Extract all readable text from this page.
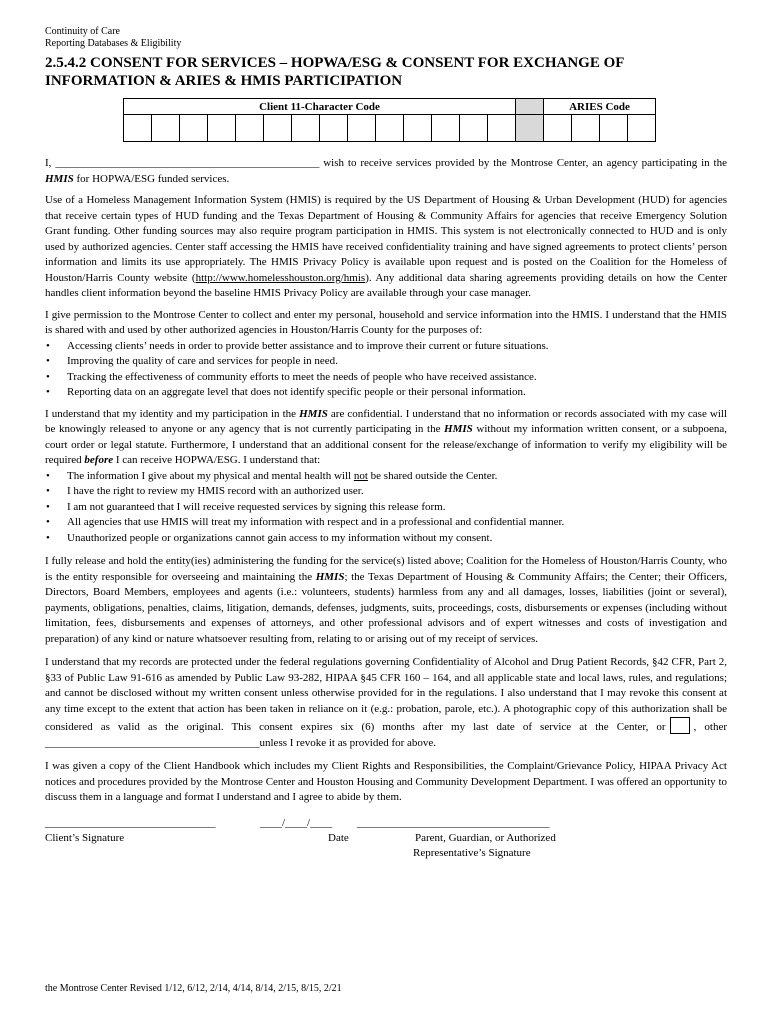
Continuity of Care
Reporting Databases & Eligibility
2.5.4.2 CONSENT FOR SERVICES – HOPWA/ESG & CONSENT FOR EXCHANGE OF INFORMATION & ARIES & HMIS PARTICIPATION
Client 11-Character Code															ARIES Code			

I, ________________________________________________ wish to receive services provided by the Montrose Center, an agency participating in the HMIS for HOPWA/ESG funded services.
Use of a Homeless Management Information System (HMIS) is required by the US Department of Housing & Urban Development (HUD) for agencies that receive certain types of HUD funding and the Texas Department of Housing & Community Affairs for agencies that receive Emergency Solution Grant funding. Other funding sources may also require program participation in HMIS. This system is not electronically connected to HUD and is only used by authorized agencies. Center staff accessing the HMIS have received confidentiality training and have signed agreements to protect clients’ person information and limits its use appropriately. The HMIS Privacy Policy is available upon request and is posted on the Coalition for the Homeless of Houston/Harris County website (http://www.homelesshouston.org/hmis). Any additional data sharing agreements providing details on how the Center handles client information beyond the baseline HMIS Privacy Policy are available through your case manager.
I give permission to the Montrose Center to collect and enter my personal, household and service information into the HMIS. I understand that the HMIS is shared with and used by other authorized agencies in Houston/Harris County for the purposes of:
• Accessing clients’ needs in order to provide better assistance and to improve their current or future situations.
• Improving the quality of care and services for people in need.
• Tracking the effectiveness of community efforts to meet the needs of people who have received assistance.
• Reporting data on an aggregate level that does not identify specific people or their personal information.
I understand that my identity and my participation in the HMIS are confidential. I understand that no information or records associated with my case will be knowingly released to anyone or any agency that is not currently participating in the HMIS without my information written consent, or a subpoena, court order or legal statute. Furthermore, I understand that an additional consent for the release/exchange of information to verify my eligibility will be required before I can receive HOPWA/ESG. I understand that:
• The information I give about my physical and mental health will not be shared outside the Center.
• I have the right to review my HMIS record with an authorized user.
• I am not guaranteed that I will receive requested services by signing this release form.
• All agencies that use HMIS will treat my information with respect and in a professional and confidential manner.
• Unauthorized people or organizations cannot gain access to my information without my consent.
I fully release and hold the entity(ies) administering the funding for the service(s) listed above; Coalition for the Homeless of Houston/Harris County, who is the entity responsible for overseeing and maintaining the HMIS; the Texas Department of Housing & Community Affairs; the Center; their Officers, Directors, Board Members, employees and agents (i.e.: volunteers, students) harmless from any and all damages, losses, liabilities (joint or several), payments, obligations, penalties, claims, litigation, demands, defenses, judgments, suits, proceedings, costs, disbursements or expenses (including without limitation, fees, disbursements and expenses of attorneys, and other professional advisors and of expert witnesses and costs of investigation and preparation) of any kind or nature whatsoever resulting from, relating to or arising out of my receipt of services.
I understand that my records are protected under the federal regulations governing Confidentiality of Alcohol and Drug Patient Records, §42 CFR, Part 2, §33 of Public Law 91-616 as amended by Public Law 93-282, HIPAA §45 CFR 160 – 164, and all applicable state and local laws, rules, and regulations; and cannot be disclosed without my written consent unless otherwise provided for in the regulations. I also understand that I may revoke this consent at any time except to the extent that action has been taken in reliance on it (e.g.: probation, parole, etc.). A photographic copy of this authorization shall be considered as valid as the original. This consent expires six (6) months after my last date of service at the Center, or	, other _______________________________________unless I revoke it as provided for above.
I was given a copy of the Client Handbook which includes my Client Rights and Responsibilities, the Complaint/Grievance Policy, HIPAA Privacy Act notices and procedures provided by the Montrose Center and Houston Housing and Community Development Department. I was offered an opportunity to discuss them in a language and format I understand and I agree to abide by them.
_______________________________
Client’s Signature
____/____/____
Date
___________________________________
Parent, Guardian, or Authorized
Representative’s Signature
the Montrose Center Revised 1/12, 6/12, 2/14, 4/14, 8/14, 2/15, 8/15, 2/21
